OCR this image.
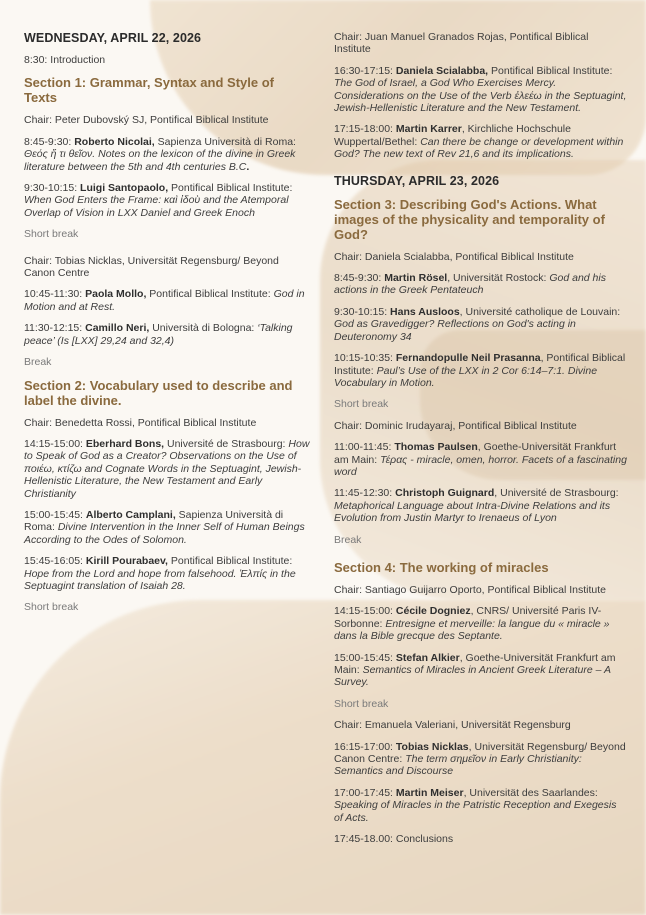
WEDNESDAY, APRIL 22, 2026
8:30: Introduction
Section 1: Grammar, Syntax and Style of Texts
Chair: Peter Dubovský SJ, Pontifical Biblical Institute
8:45-9:30: Roberto Nicolai, Sapienza Università di Roma: Θεός ἤ τι θεῖον. Notes on the lexicon of the divine in Greek literature between the 5th and 4th centuries B.C.
9:30-10:15: Luigi Santopaolo, Pontifical Biblical Institute: When God Enters the Frame: καὶ ἰδοὺ and the Atemporal Overlap of Vision in LXX Daniel and Greek Enoch
Short break
Chair: Tobias Nicklas, Universität Regensburg/ Beyond Canon Centre
10:45-11:30: Paola Mollo, Pontifical Biblical Institute: God in Motion and at Rest.
11:30-12:15: Camillo Neri, Università di Bologna: ‘Talking peace’ (Is [LXX] 29,24 and 32,4)
Break
Section 2: Vocabulary used to describe and label the divine.
Chair: Benedetta Rossi, Pontifical Biblical Institute
14:15-15:00: Eberhard Bons, Université de Strasbourg: How to Speak of God as a Creator? Observations on the Use of ποιέω, κτίζω and Cognate Words in the Septuagint, Jewish-Hellenistic Literature, the New Testament and Early Christianity
15:00-15:45: Alberto Camplani, Sapienza Università di Roma: Divine Intervention in the Inner Self of Human Beings According to the Odes of Solomon.
15:45-16:05: Kirill Pourabaev, Pontifical Biblical Institute: Hope from the Lord and hope from falsehood. Ἐλπίς in the Septuagint translation of Isaiah 28.
Short break
Chair: Juan Manuel Granados Rojas, Pontifical Biblical Institute
16:30-17:15: Daniela Scialabba, Pontifical Biblical Institute: The God of Israel, a God Who Exercises Mercy. Considerations on the Use of the Verb ἐλεέω in the Septuagint, Jewish-Hellenistic Literature and the New Testament.
17:15-18:00: Martin Karrer, Kirchliche Hochschule Wuppertal/Bethel: Can there be change or development within God? The new text of Rev 21,6 and its implications.
THURSDAY, APRIL 23, 2026
Section 3: Describing God's Actions. What images of the physicality and temporality of God?
Chair: Daniela Scialabba, Pontifical Biblical Institute
8:45-9:30: Martin Rösel, Universität Rostock: God and his actions in the Greek Pentateuch
9:30-10:15: Hans Ausloos, Université catholique de Louvain: God as Gravedigger? Reflections on God's acting in Deuteronomy 34
10:15-10:35: Fernandopulle Neil Prasanna, Pontifical Biblical Institute: Paul’s Use of the LXX in 2 Cor 6:14–7:1. Divine Vocabulary in Motion.
Short break
Chair: Dominic Irudayaraj, Pontifical Biblical Institute
11:00-11:45: Thomas Paulsen, Goethe-Universität Frankfurt am Main: Τέρας - miracle, omen, horror. Facets of a fascinating word
11:45-12:30: Christoph Guignard, Université de Strasbourg: Metaphorical Language about Intra-Divine Relations and its Evolution from Justin Martyr to Irenaeus of Lyon
Break
Section 4: The working of miracles
Chair: Santiago Guijarro Oporto, Pontifical Biblical Institute
14:15-15:00: Cécile Dogniez, CNRS/ Université Paris IV-Sorbonne: Entresigne et merveille: la langue du « miracle » dans la Bible grecque des Septante.
15:00-15:45: Stefan Alkier, Goethe-Universität Frankfurt am Main: Semantics of Miracles in Ancient Greek Literature – A Survey.
Short break
Chair: Emanuela Valeriani, Universität Regensburg
16:15-17:00: Tobias Nicklas, Universität Regensburg/ Beyond Canon Centre: The term σημεῖον in Early Christianity: Semantics and Discourse
17:00-17:45: Martin Meiser, Universität des Saarlandes: Speaking of Miracles in the Patristic Reception and Exegesis of Acts.
17:45-18.00: Conclusions
